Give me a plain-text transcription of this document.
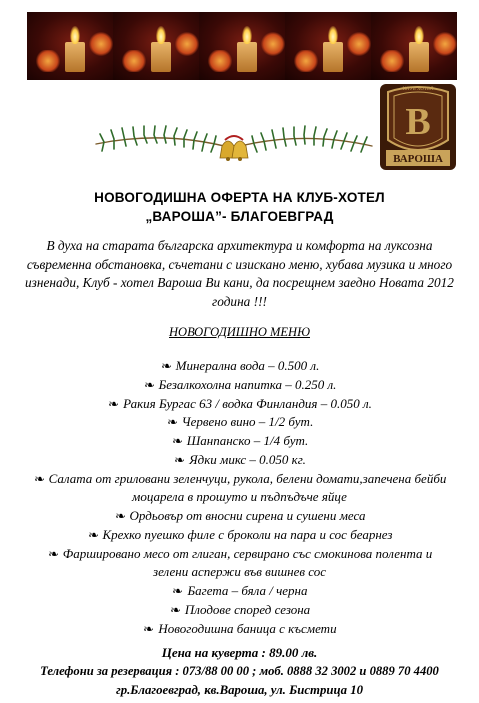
КЛУБ ХОТЕЛ
В
ВАРОША
НОВОГОДИШНА ОФЕРТА НА КЛУБ-ХОТЕЛ
„ВАРОША”- БЛАГОЕВГРАД
В духа на старата българска архитектура и комфорта на луксозна съвременна обстановка, съчетани с изискано меню, хубава музика и много изненади, Клуб - хотел Вароша Ви кани, да посрещнем заедно Новата 2012 година !!!
НОВОГОДИШНО МЕНЮ
❧ Минерална вода – 0.500 л.
❧ Безалкохолна напитка – 0.250 л.
❧ Ракия Бургас 63 / водка Финландия – 0.050 л.
❧ Червено вино – 1/2 бут.
❧ Шанпанско – 1/4 бут.
❧ Ядки микс – 0.050 кг.
❧ Салата от гриловани зеленчуци, рукола, белени домати,запечена бейби
моцарела в прошуто и пъдпъдъче яйце
❧ Ордьовър от вносни сирена и сушени меса
❧ Крехко пуешко филе с броколи на пара и сос беарнез
❧ Фаршировано месо от глиган, сервирано със смокинова полента и
зелени аспержи във вишнев сос
❧ Багета – бяла / черна
❧ Плодове според сезона
❧ Новогодишна баница с късмети
Цена на куверта : 89.00 лв.
Телефони за резервация : 073/88 00 00 ; моб. 0888 32 3002 и 0889 70 4400
гр.Благоевград, кв.Вароша, ул. Бистрица 10
